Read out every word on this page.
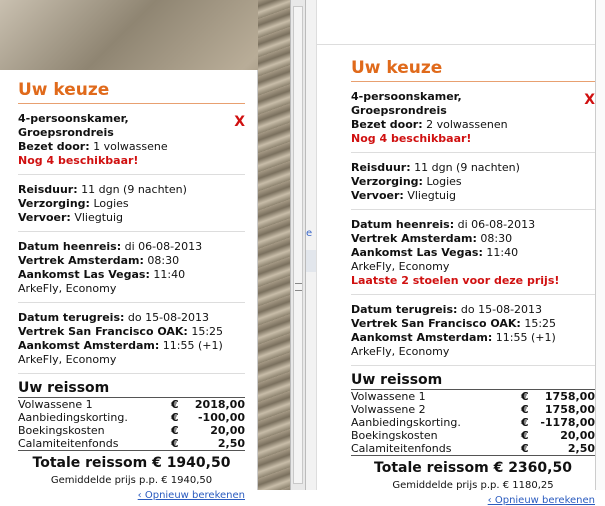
e
Uw keuze
X
4-persoonskamer,
Groepsrondreis
Bezet door: 1 volwassene
Nog 4 beschikbaar!
Reisduur: 11 dgn (9 nachten)
Verzorging: Logies
Vervoer: Vliegtuig
Datum heenreis: di 06-08-2013
Vertrek Amsterdam: 08:30
Aankomst Las Vegas: 11:40
ArkeFly, Economy
Datum terugreis: do 15-08-2013
Vertrek San Francisco OAK: 15:25
Aankomst Amsterdam: 11:55 (+1)
ArkeFly, Economy
Uw reissom
Volwassene 1	€	2018,00
Aanbiedingskorting.	€	-100,00
Boekingskosten	€	20,00
Calamiteitenfonds	€	2,50
Totale reissom € 1940,50
Gemiddelde prijs p.p. € 1940,50
‹ Opnieuw berekenen
Uw keuze
X
4-persoonskamer,
Groepsrondreis
Bezet door: 2 volwassenen
Nog 4 beschikbaar!
Reisduur: 11 dgn (9 nachten)
Verzorging: Logies
Vervoer: Vliegtuig
Datum heenreis: di 06-08-2013
Vertrek Amsterdam: 08:30
Aankomst Las Vegas: 11:40
ArkeFly, Economy
Laatste 2 stoelen voor deze prijs!
Datum terugreis: do 15-08-2013
Vertrek San Francisco OAK: 15:25
Aankomst Amsterdam: 11:55 (+1)
ArkeFly, Economy
Uw reissom
Volwassene 1	€	1758,00
Volwassene 2	€	1758,00
Aanbiedingskorting.	€	-1178,00
Boekingskosten	€	20,00
Calamiteitenfonds	€	2,50
Totale reissom € 2360,50
Gemiddelde prijs p.p. € 1180,25
‹ Opnieuw berekenen
